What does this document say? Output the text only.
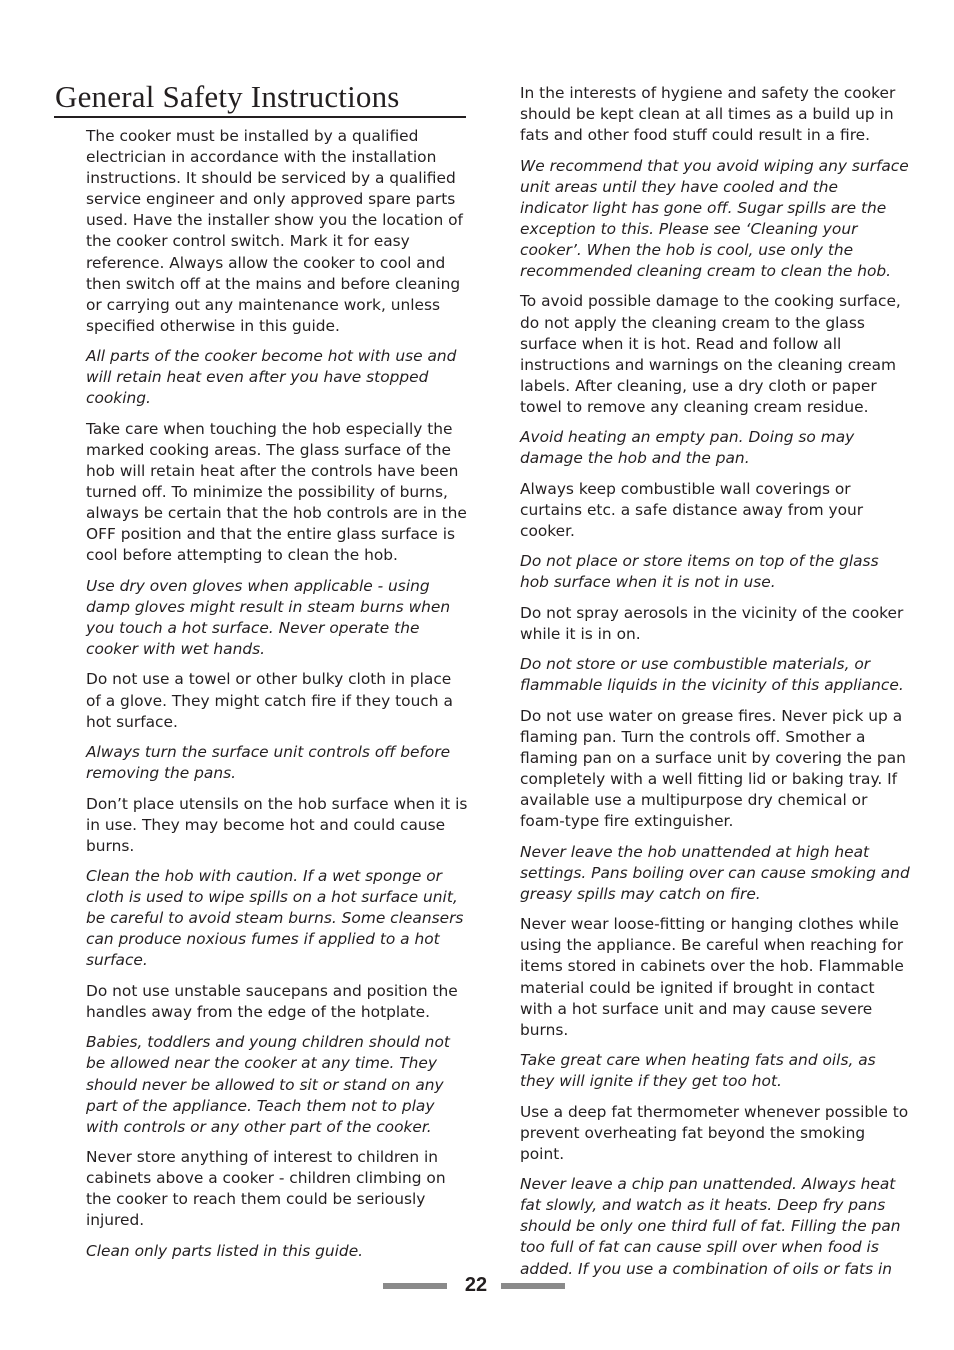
General Safety Instructions

The cooker must be installed by a qualified electrician in accordance with the installation instructions. It should be serviced by a qualified service engineer and only approved spare parts used. Have the installer show you the location of the cooker control switch. Mark it for easy reference. Always allow the cooker to cool and then switch off at the mains and before cleaning or carrying out any maintenance work, unless specified otherwise in this guide.

All parts of the cooker become hot with use and will retain heat even after you have stopped cooking.

Take care when touching the hob especially the marked cooking areas. The glass surface of the hob will retain heat after the controls have been turned off. To minimize the possibility of burns, always be certain that the hob controls are in the OFF position and that the entire glass surface is cool before attempting to clean the hob.

Use dry oven gloves when applicable - using damp gloves might result in steam burns when you touch a hot surface. Never operate the cooker with wet hands.

Do not use a towel or other bulky cloth in place of a glove. They might catch fire if they touch a hot surface.

Always turn the surface unit controls off before removing the pans.

Don’t place utensils on the hob surface when it is in use. They may become hot and could cause burns.

Clean the hob with caution. If a wet sponge or cloth is used to wipe spills on a hot surface unit, be careful to avoid steam burns. Some cleansers can produce noxious fumes if applied to a hot surface.

Do not use unstable saucepans and position the handles away from the edge of the hotplate.

Babies, toddlers and young children should not be allowed near the cooker at any time. They should never be allowed to sit or stand on any part of the appliance. Teach them not to play with controls or any other part of the cooker.

Never store anything of interest to children in cabinets above a cooker - children climbing on the cooker to reach them could be seriously injured.

Clean only parts listed in this guide.

In the interests of hygiene and safety the cooker should be kept clean at all times as a build up in fats and other food stuff could result in a fire.

We recommend that you avoid wiping any surface unit areas until they have cooled and the indicator light has gone off. Sugar spills are the exception to this. Please see ‘Cleaning your cooker’. When the hob is cool, use only the recommended cleaning cream to clean the hob.

To avoid possible damage to the cooking surface, do not apply the cleaning cream to the glass surface when it is hot. Read and follow all instructions and warnings on the cleaning cream labels. After cleaning, use a dry cloth or paper towel to remove any cleaning cream residue.

Avoid heating an empty pan. Doing so may damage the hob and the pan.

Always keep combustible wall coverings or curtains etc. a safe distance away from your cooker.

Do not place or store items on top of the glass hob surface when it is not in use.

Do not spray aerosols in the vicinity of the cooker while it is in on.

Do not store or use combustible materials, or flammable liquids in the vicinity of this appliance.

Do not use water on grease fires. Never pick up a flaming pan. Turn the controls off. Smother a flaming pan on a surface unit by covering the pan completely with a well fitting lid or baking tray. If available use a multipurpose dry chemical or foam-type fire extinguisher.

Never leave the hob unattended at high heat settings. Pans boiling over can cause smoking and greasy spills may catch on fire.

Never wear loose-fitting or hanging clothes while using the appliance. Be careful when reaching for items stored in cabinets over the hob. Flammable material could be ignited if brought in contact with a hot surface unit and may cause severe burns.

Take great care when heating fats and oils, as they will ignite if they get too hot.

Use a deep fat thermometer whenever possible to prevent overheating fat beyond the smoking point.

Never leave a chip pan unattended. Always heat fat slowly, and watch as it heats. Deep fry pans should be only one third full of fat. Filling the pan too full of fat can cause spill over when food is added. If you use a combination of oils or fats in

22
